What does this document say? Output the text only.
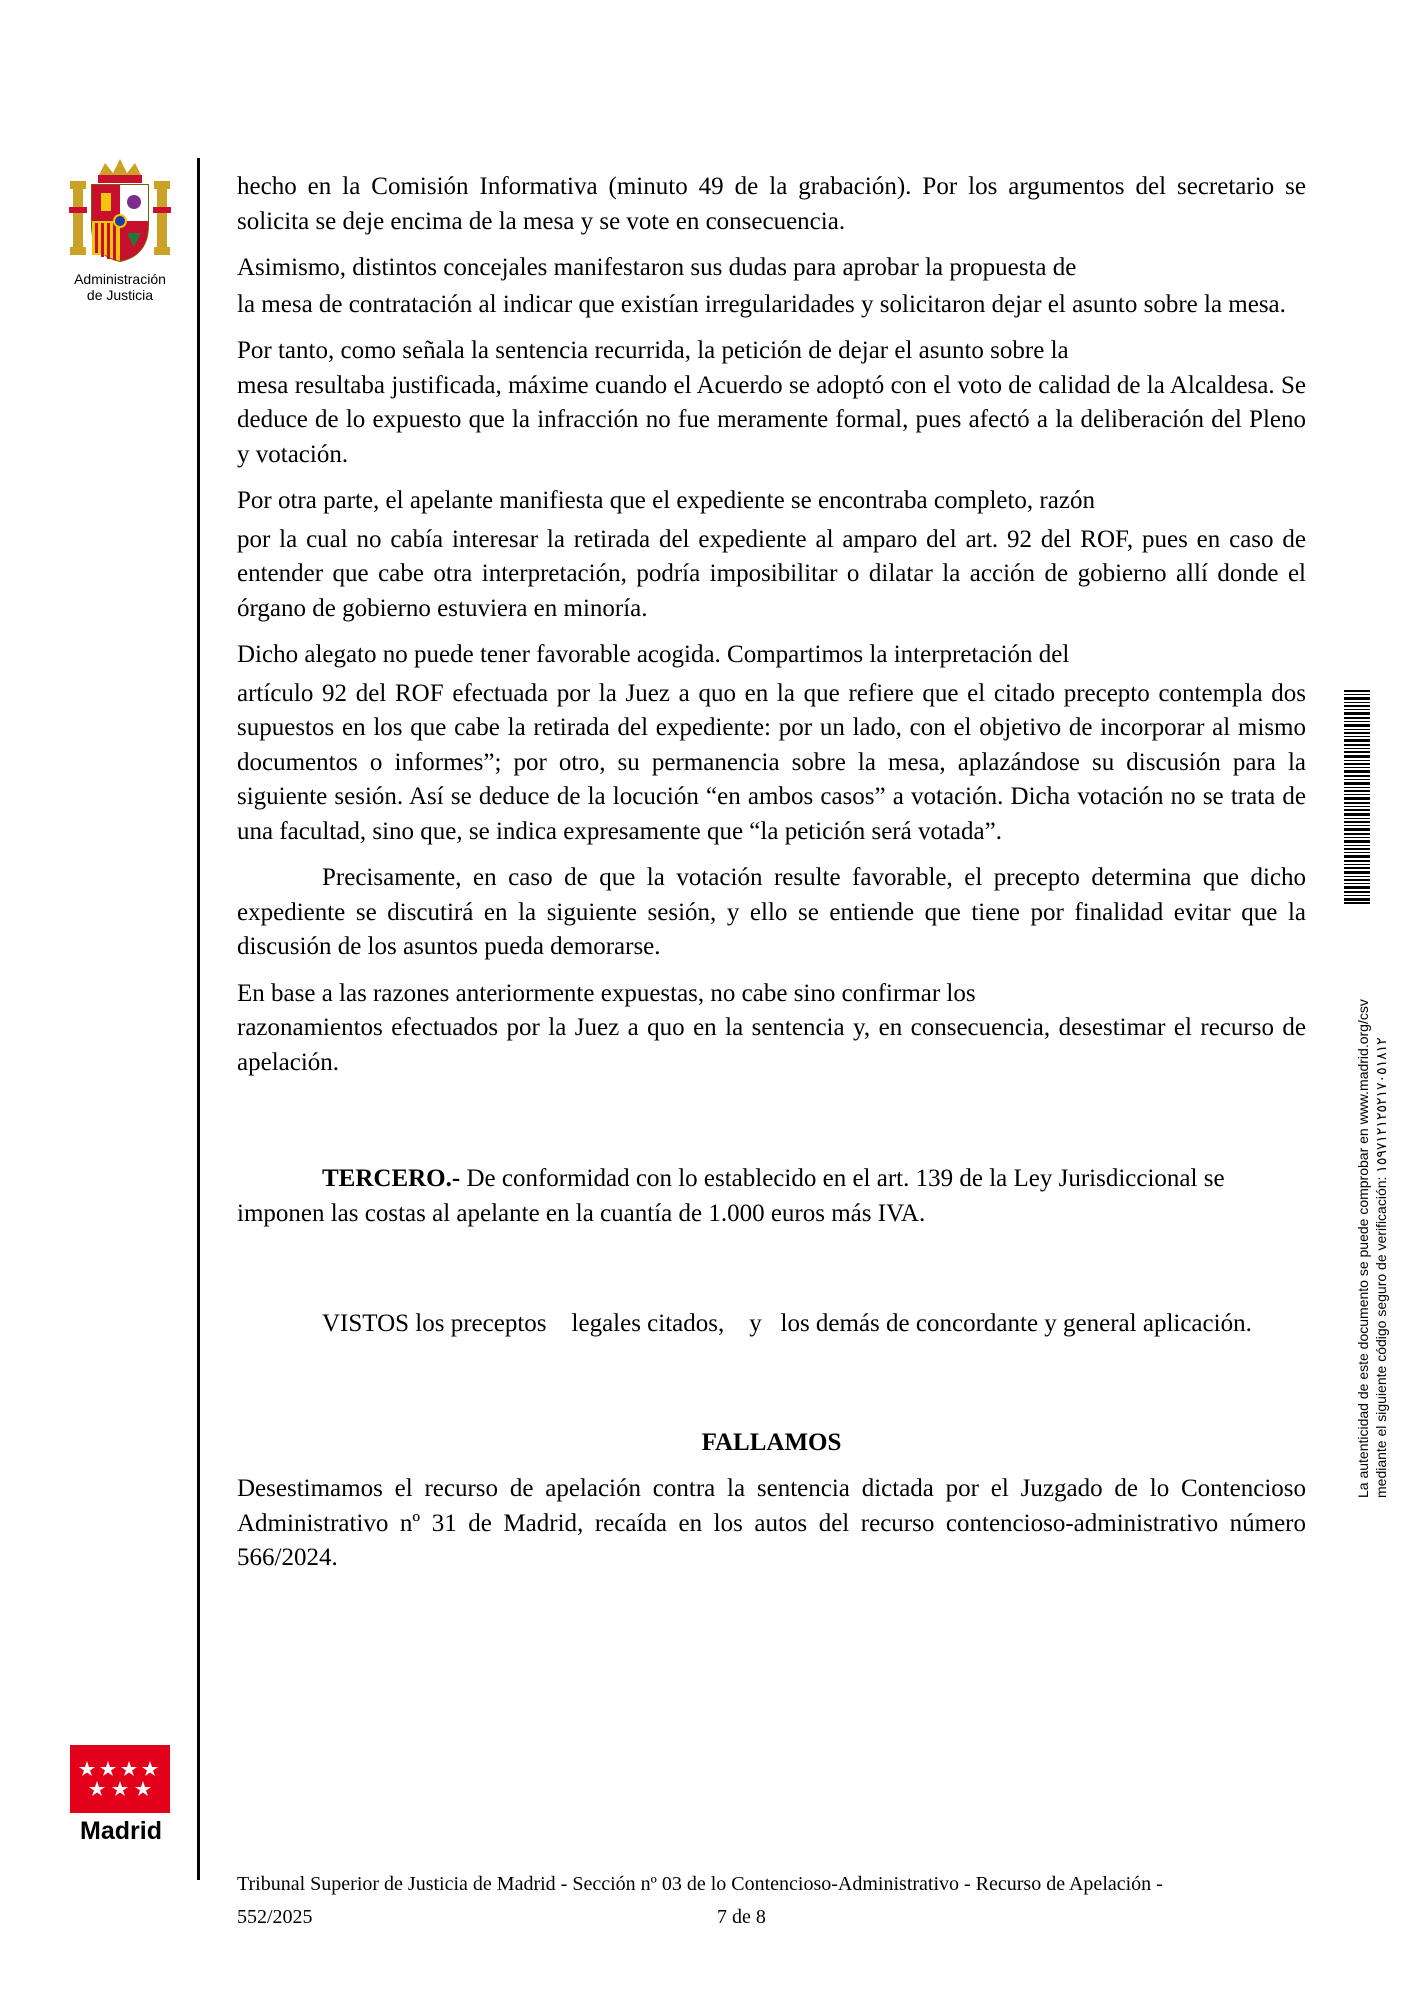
Administración
de Justicia
Madrid

hecho en la Comisión Informativa (minuto 49 de la grabación). Por los argumentos del secretario se solicita se deje encima de la mesa y se vote en consecuencia.

Asimismo, distintos concejales manifestaron sus dudas para aprobar la propuesta de

la mesa de contratación al indicar que existían irregularidades y solicitaron dejar el asunto sobre la mesa.

Por tanto, como señala la sentencia recurrida, la petición de dejar el asunto sobre la

mesa resultaba justificada, máxime cuando el Acuerdo se adoptó con el voto de calidad de la Alcaldesa. Se deduce de lo expuesto que la infracción no fue meramente formal, pues afectó a la deliberación del Pleno y votación.

Por otra parte, el apelante manifiesta que el expediente se encontraba completo, razón

por la cual no cabía interesar la retirada del expediente al amparo del art. 92 del ROF, pues en caso de entender que cabe otra interpretación, podría imposibilitar o dilatar la acción de gobierno allí donde el órgano de gobierno estuviera en minoría.

Dicho alegato no puede tener favorable acogida. Compartimos la interpretación del

artículo 92 del ROF efectuada por la Juez a quo en la que refiere que el citado precepto contempla dos supuestos en los que cabe la retirada del expediente: por un lado, con el objetivo de incorporar al mismo documentos o informes”; por otro, su permanencia sobre la mesa, aplazándose su discusión para la siguiente sesión. Así se deduce de la locución “en ambos casos” a votación. Dicha votación no se trata de una facultad, sino que, se indica expresamente que “la petición será votada”.

Precisamente, en caso de que la votación resulte favorable, el precepto determina que dicho expediente se discutirá en la siguiente sesión, y ello se entiende que tiene por finalidad evitar que la discusión de los asuntos pueda demorarse.

En base a las razones anteriormente expuestas, no cabe sino confirmar los

razonamientos efectuados por la Juez a quo en la sentencia y, en consecuencia, desestimar el recurso de apelación.

TERCERO.- De conformidad con lo establecido en el art. 139 de la Ley Jurisdiccional se imponen las costas al apelante en la cuantía de 1.000 euros más IVA.

VISTOS los preceptos    legales citados,    y   los demás de concordante y general aplicación.

FALLAMOS

Desestimamos el recurso de apelación contra la sentencia dictada por el Juzgado de lo Contencioso Administrativo nº 31 de Madrid, recaída en los autos del recurso contencioso-administrativo número 566/2024.

La autenticidad de este documento se puede comprobar en www.madrid.org/csv mediante el siguiente código seguro de verificación: ١٥٩٧١٢١٢٥٢١٧٠٥١٨١٢
Tribunal Superior de Justicia de Madrid - Sección nº 03 de lo Contencioso-Administrativo - Recurso de Apelación -
552/2025	7 de 8
